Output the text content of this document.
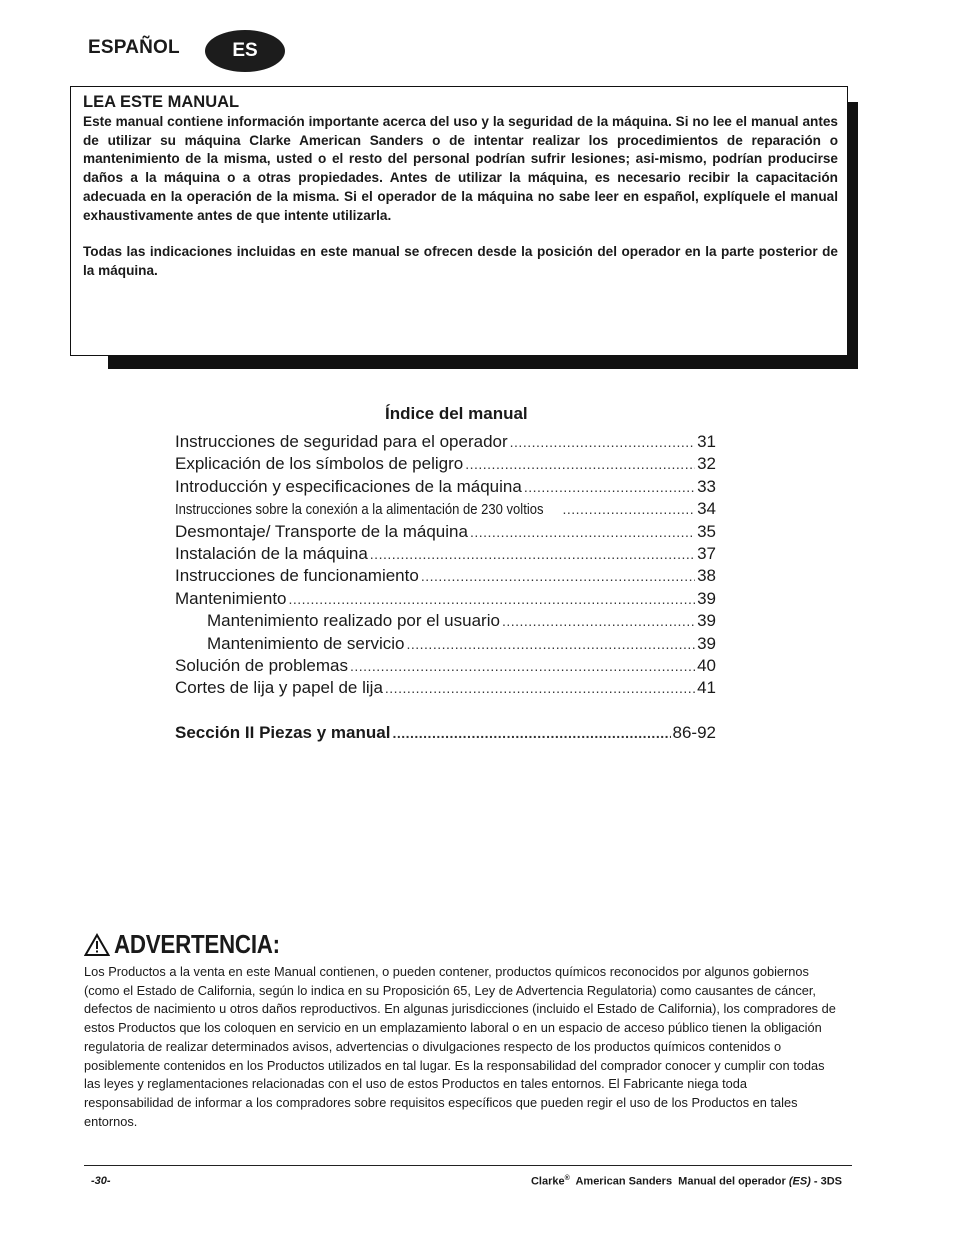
ESPAÑOL	ES
LEA ESTE MANUAL

Este manual contiene información importante acerca del uso y la seguridad de la máquina. Si no lee el manual antes de utilizar su máquina Clarke American Sanders o de intentar realizar los procedimientos de reparación o mantenimiento de la misma, usted o el resto del personal podrían sufrir lesiones; asi-mismo, podrían producirse daños a la máquina o a otras propiedades. Antes de utilizar la máquina, es necesario recibir la capacitación adecuada en la operación de la misma. Si el operador de la máquina no sabe leer en español, explíquele el manual exhaustivamente antes de que intente utilizarla.

Todas las indicaciones incluidas en este manual se ofrecen desde la posición del operador en la parte posterior de la máquina.

Índice del manual
Instrucciones de seguridad para el operador .....	31
Explicación de los símbolos de peligro .....	32
Introducción y especificaciones de la máquina .....	33
Instrucciones sobre la conexión a la alimentación de 230 voltios .....	34
Desmontaje/ Transporte de la máquina .....	35
Instalación de la máquina .....	37
Instrucciones de funcionamiento .....	38
Mantenimiento .....	39
Mantenimiento realizado por el usuario .....	39
Mantenimiento de servicio .....	39
Solución de problemas .....	40
Cortes de lija y papel de lija .....	41
Sección II Piezas y manual .....	86-92
ADVERTENCIA:

Los Productos a la venta en este Manual contienen, o pueden contener, productos químicos reconocidos por algunos gobiernos (como el Estado de California, según lo indica en su Proposición 65, Ley de Advertencia Regulatoria) como causantes de cáncer, defectos de nacimiento u otros daños reproductivos. En algunas jurisdicciones (incluido el Estado de California), los compradores de estos Productos que los coloquen en servicio en un emplazamiento laboral o en un espacio de acceso público tienen la obligación regulatoria de realizar determinados avisos, advertencias o divulgaciones respecto de los productos químicos contenidos o posiblemente contenidos en los Productos utilizados en tal lugar. Es la responsabilidad del comprador conocer y cumplir con todas las leyes y reglamentaciones relacionadas con el uso de estos Productos en tales entornos. El Fabricante niega toda responsabilidad de informar a los compradores sobre requisitos específicos que pueden regir el uso de los Productos en tales entornos.

-30-	Clarke®  American Sanders  Manual del operador (ES) - 3DS
